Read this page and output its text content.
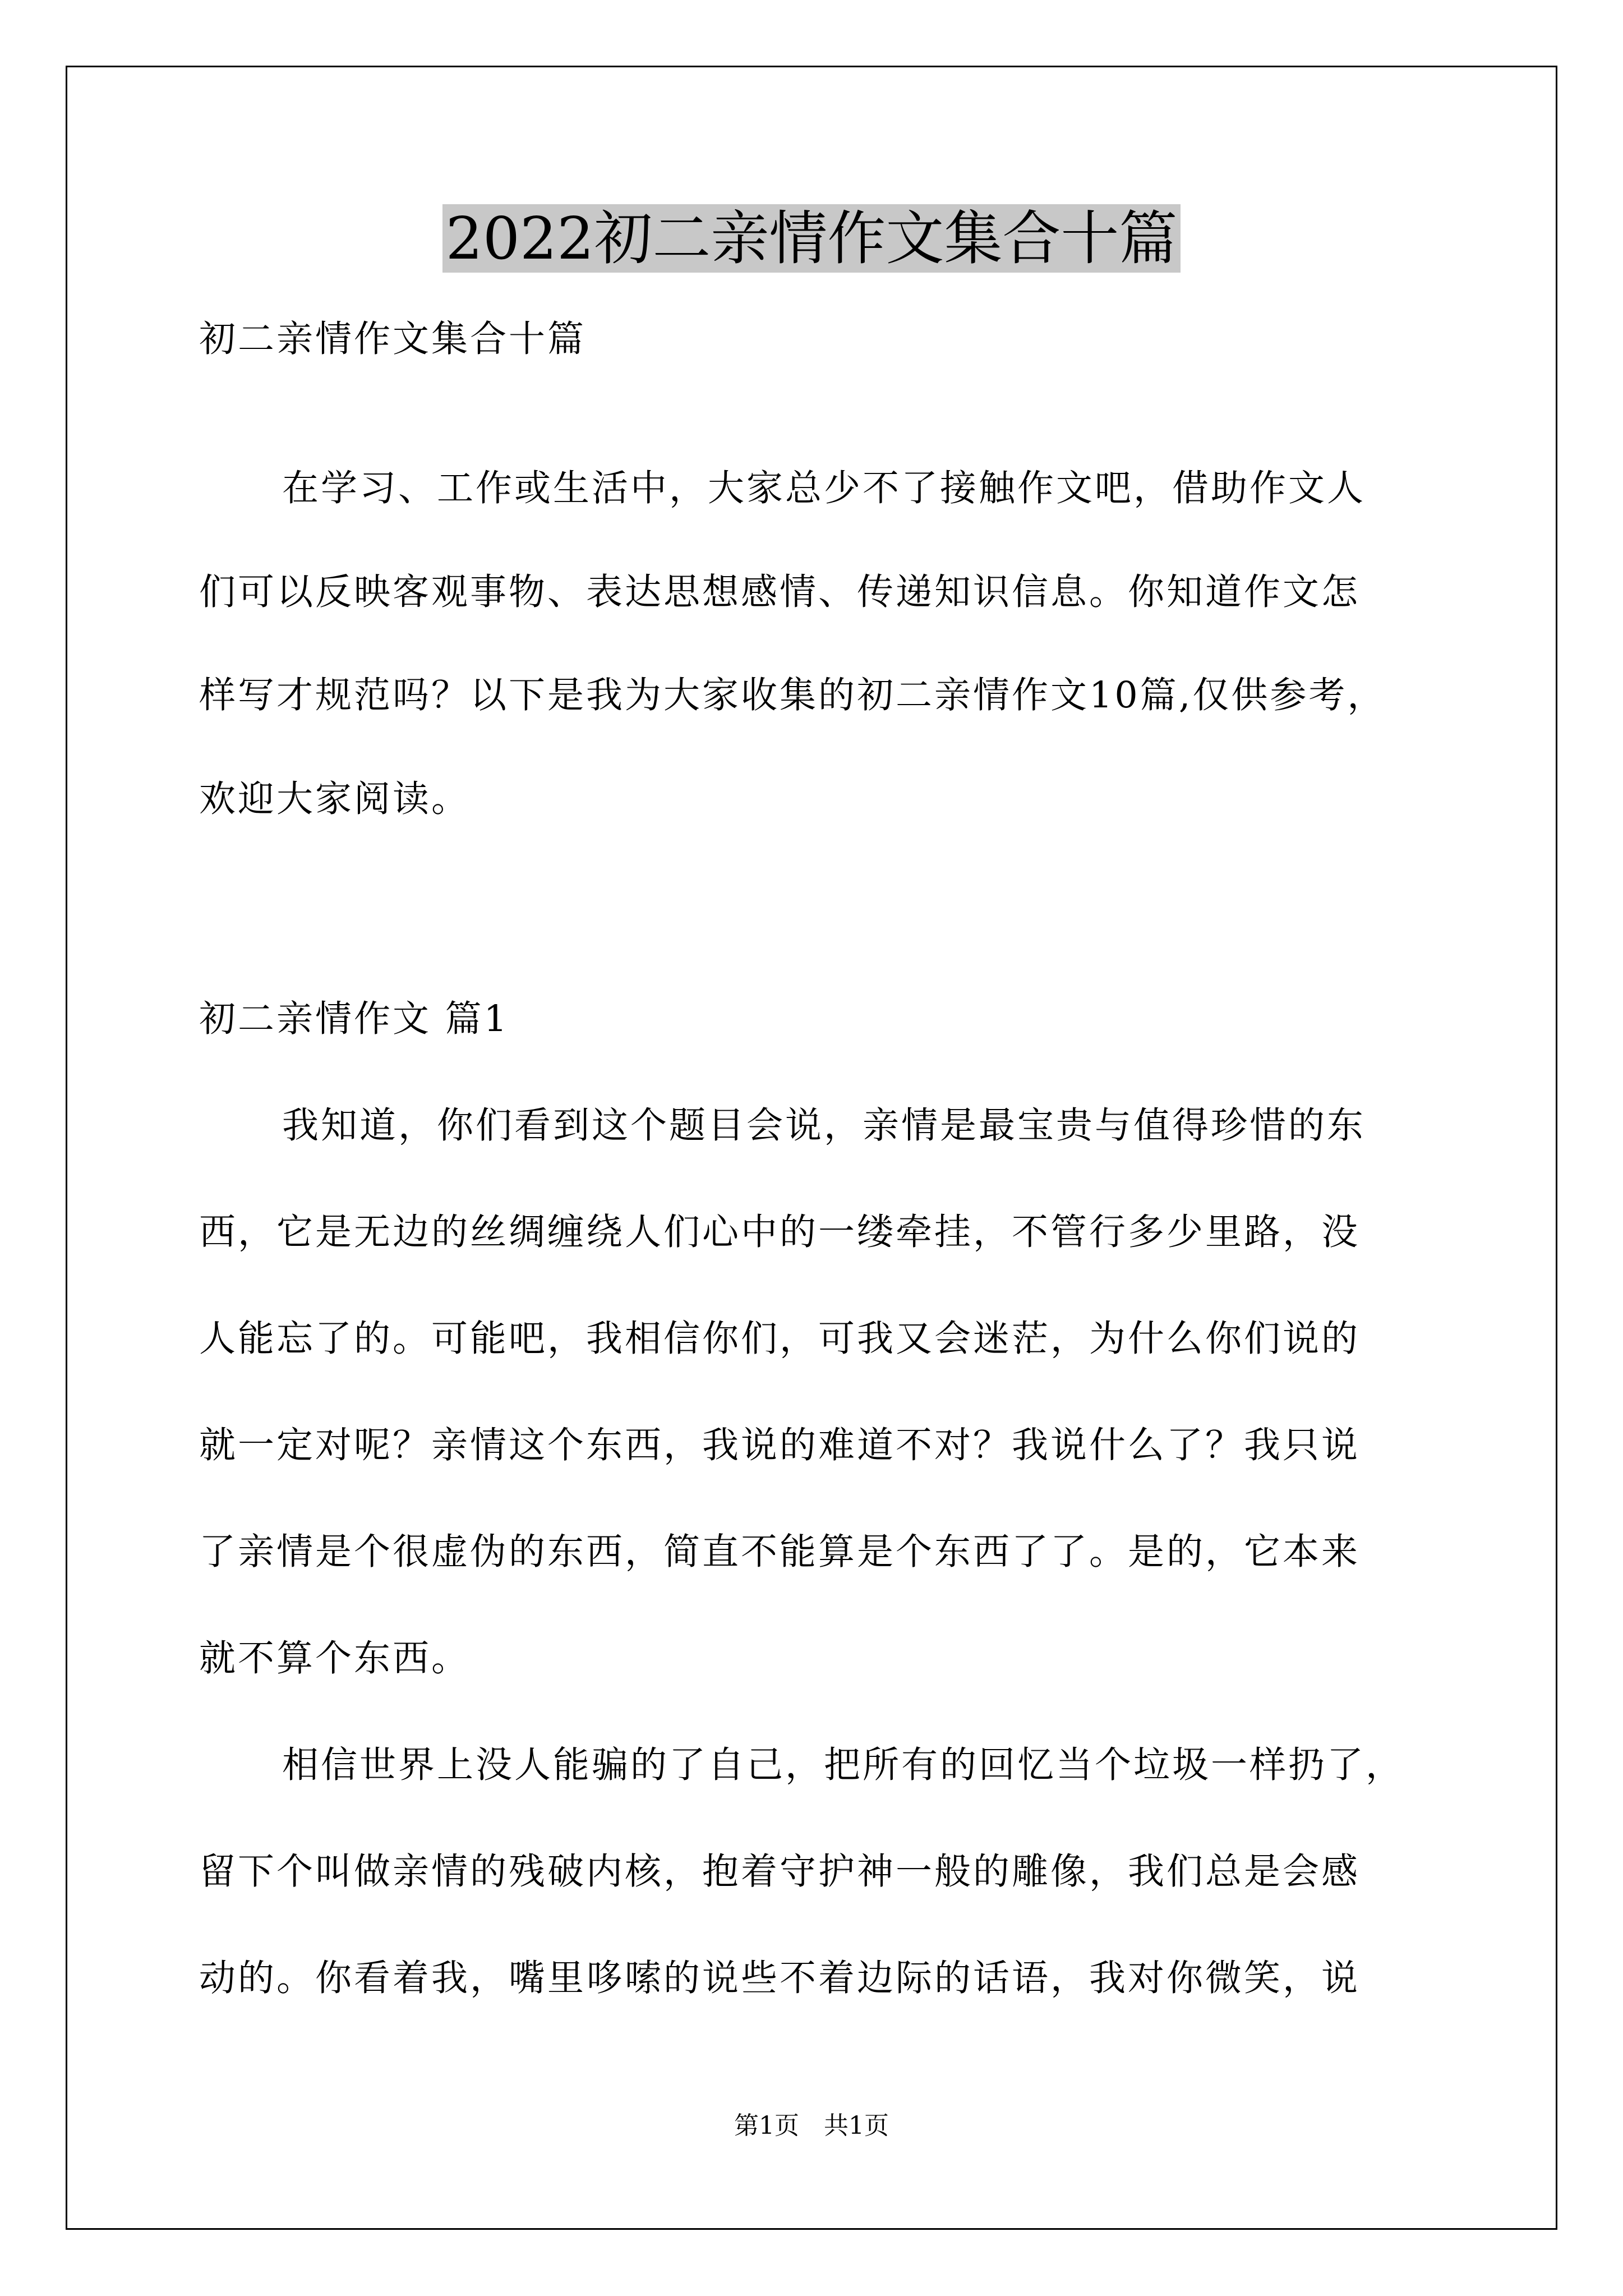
2022初二亲情作文集合十篇
初二亲情作文集合十篇
在学习、工作或生活中，大家总少不了接触作文吧，借助作文人
们可以反映客观事物、表达思想感情、传递知识信息。你知道作文怎
样写才规范吗？以下是我为大家收集的初二亲情作文10篇,仅供参考，
欢迎大家阅读。
初二亲情作文 篇1
我知道，你们看到这个题目会说，亲情是最宝贵与值得珍惜的东
西，它是无边的丝绸缠绕人们心中的一缕牵挂，不管行多少里路，没
人能忘了的。可能吧，我相信你们，可我又会迷茫，为什么你们说的
就一定对呢？亲情这个东西，我说的难道不对？我说什么了？我只说
了亲情是个很虚伪的东西，简直不能算是个东西了了。是的，它本来
就不算个东西。
相信世界上没人能骗的了自己，把所有的回忆当个垃圾一样扔了，
留下个叫做亲情的残破内核，抱着守护神一般的雕像，我们总是会感
动的。你看着我，嘴里哆嗦的说些不着边际的话语，我对你微笑，说
第1页　共1页
